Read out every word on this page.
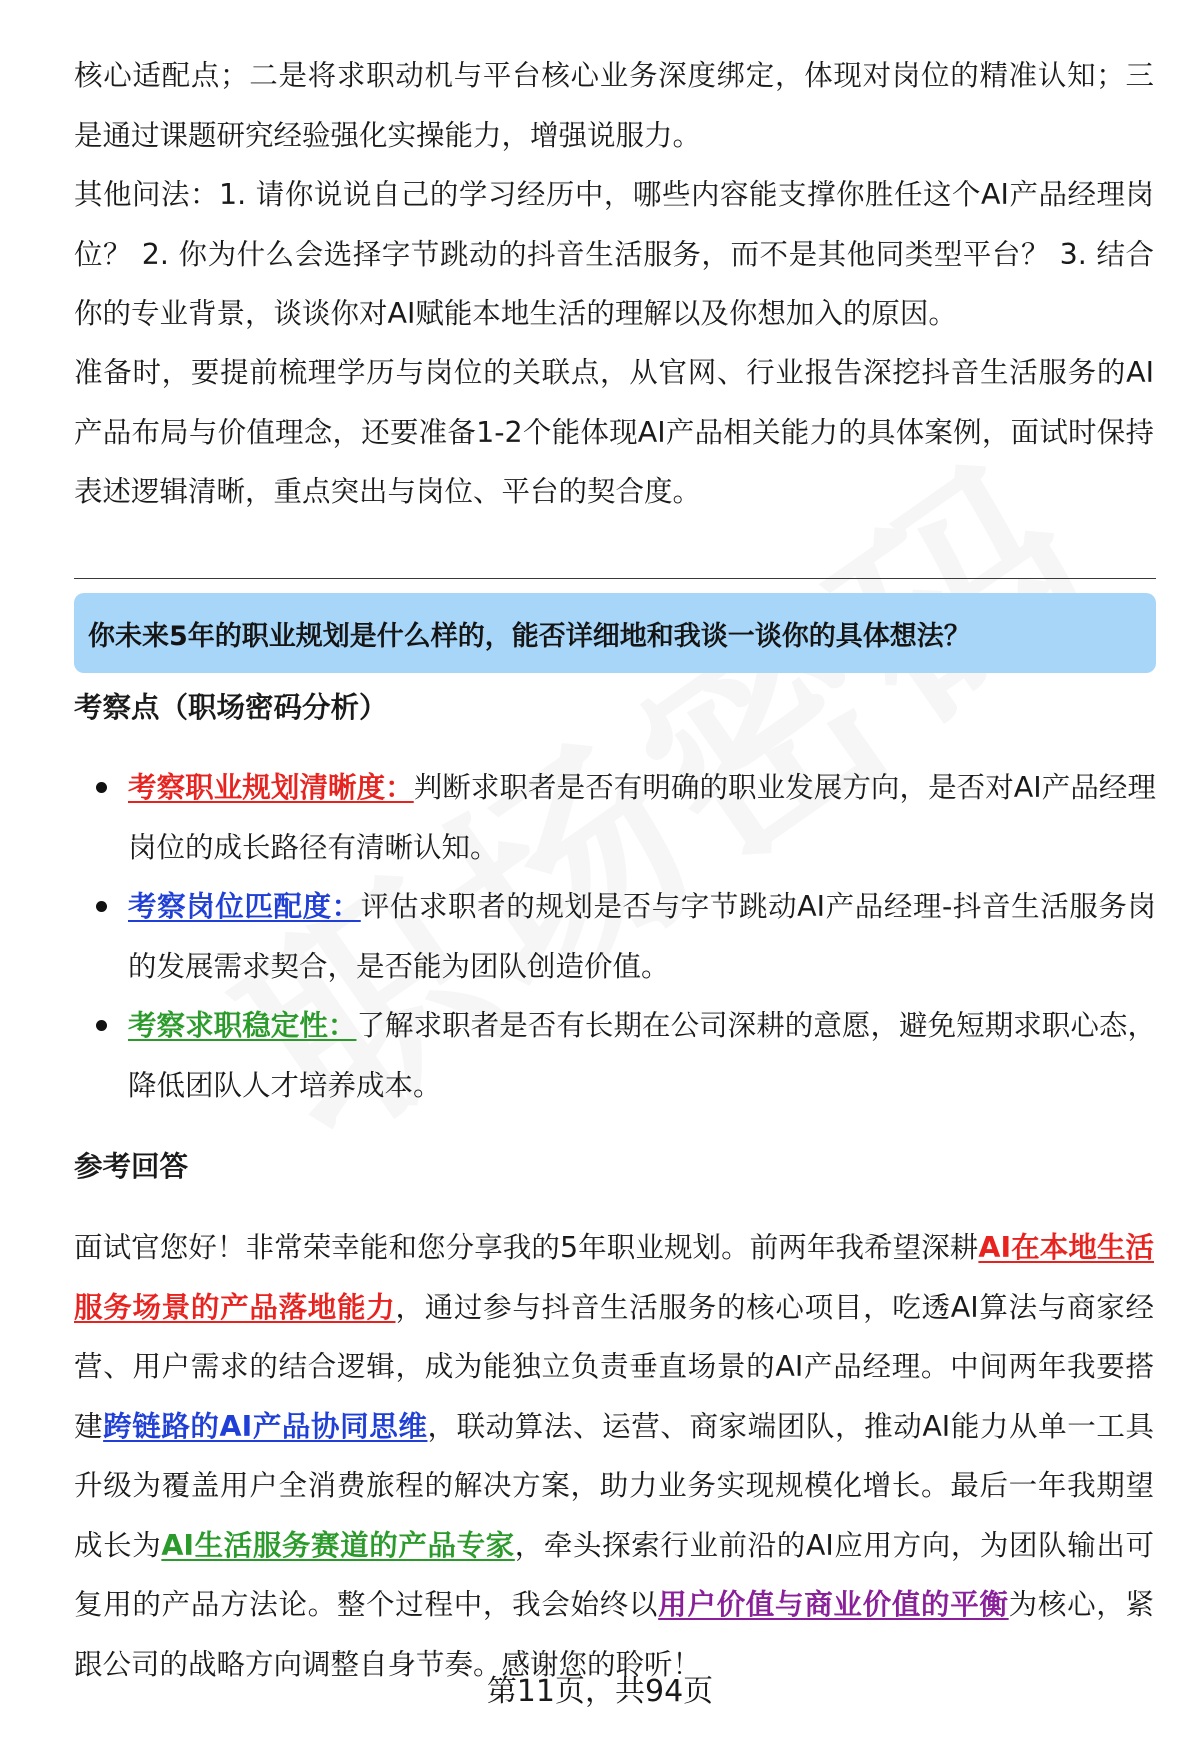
核心适配点；二是将求职动机与平台核心业务深度绑定，体现对岗位的精准认知；三是通过课题研究经验强化实操能力，增强说服力。

其他问法：1. 请你说说自己的学习经历中，哪些内容能支撑你胜任这个AI产品经理岗位？ 2. 你为什么会选择字节跳动的抖音生活服务，而不是其他同类型平台？ 3. 结合你的专业背景，谈谈你对AI赋能本地生活的理解以及你想加入的原因。

准备时，要提前梳理学历与岗位的关联点，从官网、行业报告深挖抖音生活服务的AI产品布局与价值理念，还要准备1-2个能体现AI产品相关能力的具体案例，面试时保持表述逻辑清晰，重点突出与岗位、平台的契合度。

你未来5年的职业规划是什么样的，能否详细地和我谈一谈你的具体想法？
考察点（职场密码分析）
考察职业规划清晰度：判断求职者是否有明确的职业发展方向，是否对AI产品经理岗位的成长路径有清晰认知。
考察岗位匹配度：评估求职者的规划是否与字节跳动AI产品经理-抖音生活服务岗的发展需求契合，是否能为团队创造价值。
考察求职稳定性：了解求职者是否有长期在公司深耕的意愿，避免短期求职心态，降低团队人才培养成本。
参考回答

面试官您好！非常荣幸能和您分享我的5年职业规划。前两年我希望深耕AI在本地生活服务场景的产品落地能力，通过参与抖音生活服务的核心项目，吃透AI算法与商家经营、用户需求的结合逻辑，成为能独立负责垂直场景的AI产品经理。中间两年我要搭建跨链路的AI产品协同思维，联动算法、运营、商家端团队，推动AI能力从单一工具升级为覆盖用户全消费旅程的解决方案，助力业务实现规模化增长。最后一年我期望成长为AI生活服务赛道的产品专家，牵头探索行业前沿的AI应用方向，为团队输出可复用的产品方法论。整个过程中，我会始终以用户价值与商业价值的平衡为核心，紧跟公司的战略方向调整自身节奏。感谢您的聆听！

第11页，共94页
